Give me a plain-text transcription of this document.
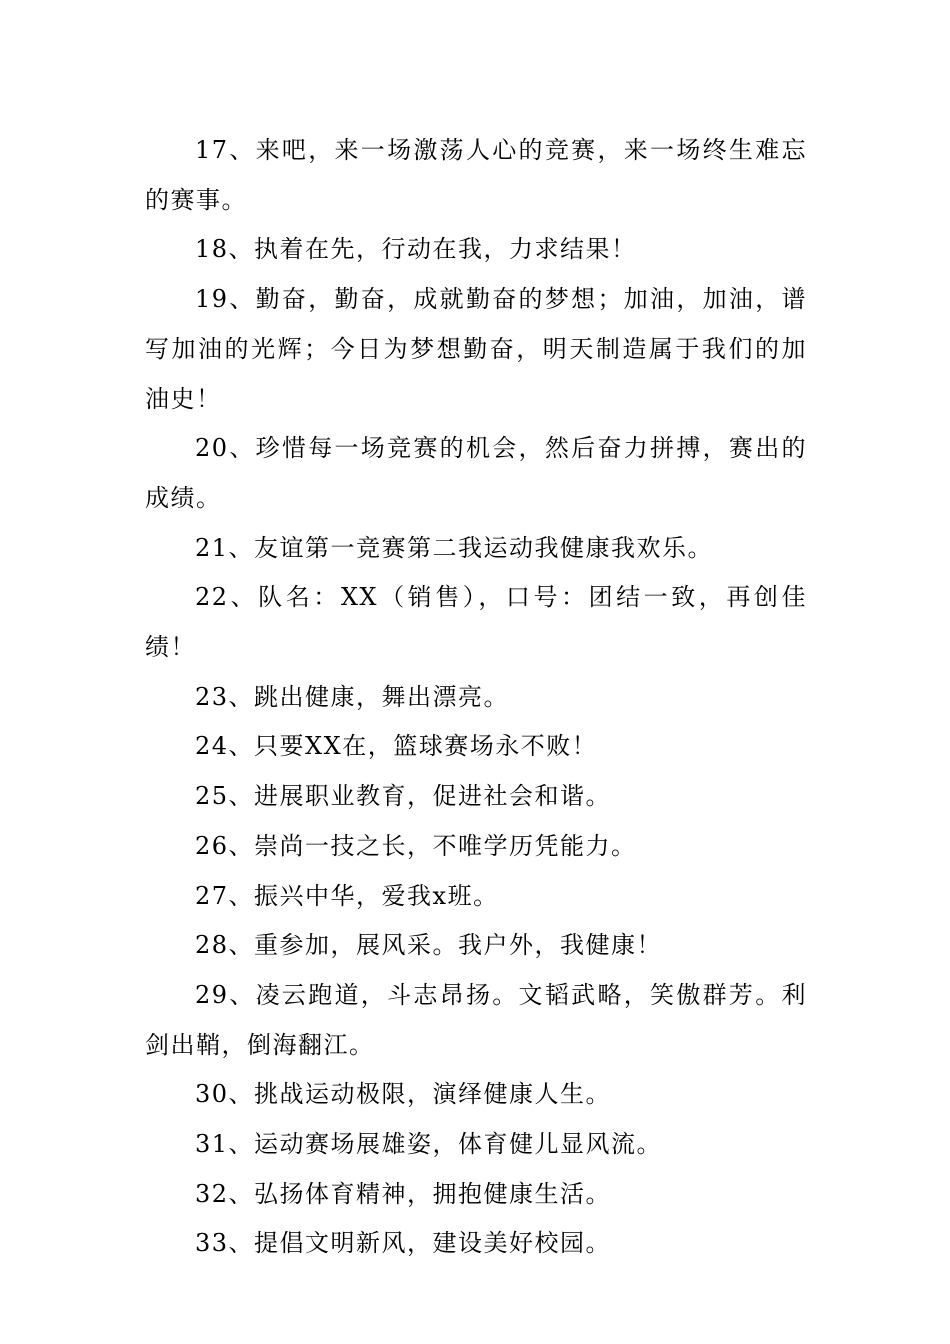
17、来吧，来一场激荡人心的竞赛，来一场终生难忘的赛事。

18、执着在先，行动在我，力求结果！

19、勤奋，勤奋，成就勤奋的梦想；加油，加油，谱写加油的光辉；今日为梦想勤奋，明天制造属于我们的加油史！

20、珍惜每一场竞赛的机会，然后奋力拼搏，赛出的成绩。

21、友谊第一竞赛第二我运动我健康我欢乐。

22、队名：XX（销售），口号：团结一致，再创佳绩！

23、跳出健康，舞出漂亮。

24、只要XX在，篮球赛场永不败！

25、进展职业教育，促进社会和谐。

26、崇尚一技之长，不唯学历凭能力。

27、振兴中华，爱我x班。

28、重参加，展风采。我户外，我健康！

29、凌云跑道，斗志昂扬。文韬武略，笑傲群芳。利剑出鞘，倒海翻江。

30、挑战运动极限，演绎健康人生。

31、运动赛场展雄姿，体育健儿显风流。

32、弘扬体育精神，拥抱健康生活。

33、提倡文明新风，建设美好校园。
